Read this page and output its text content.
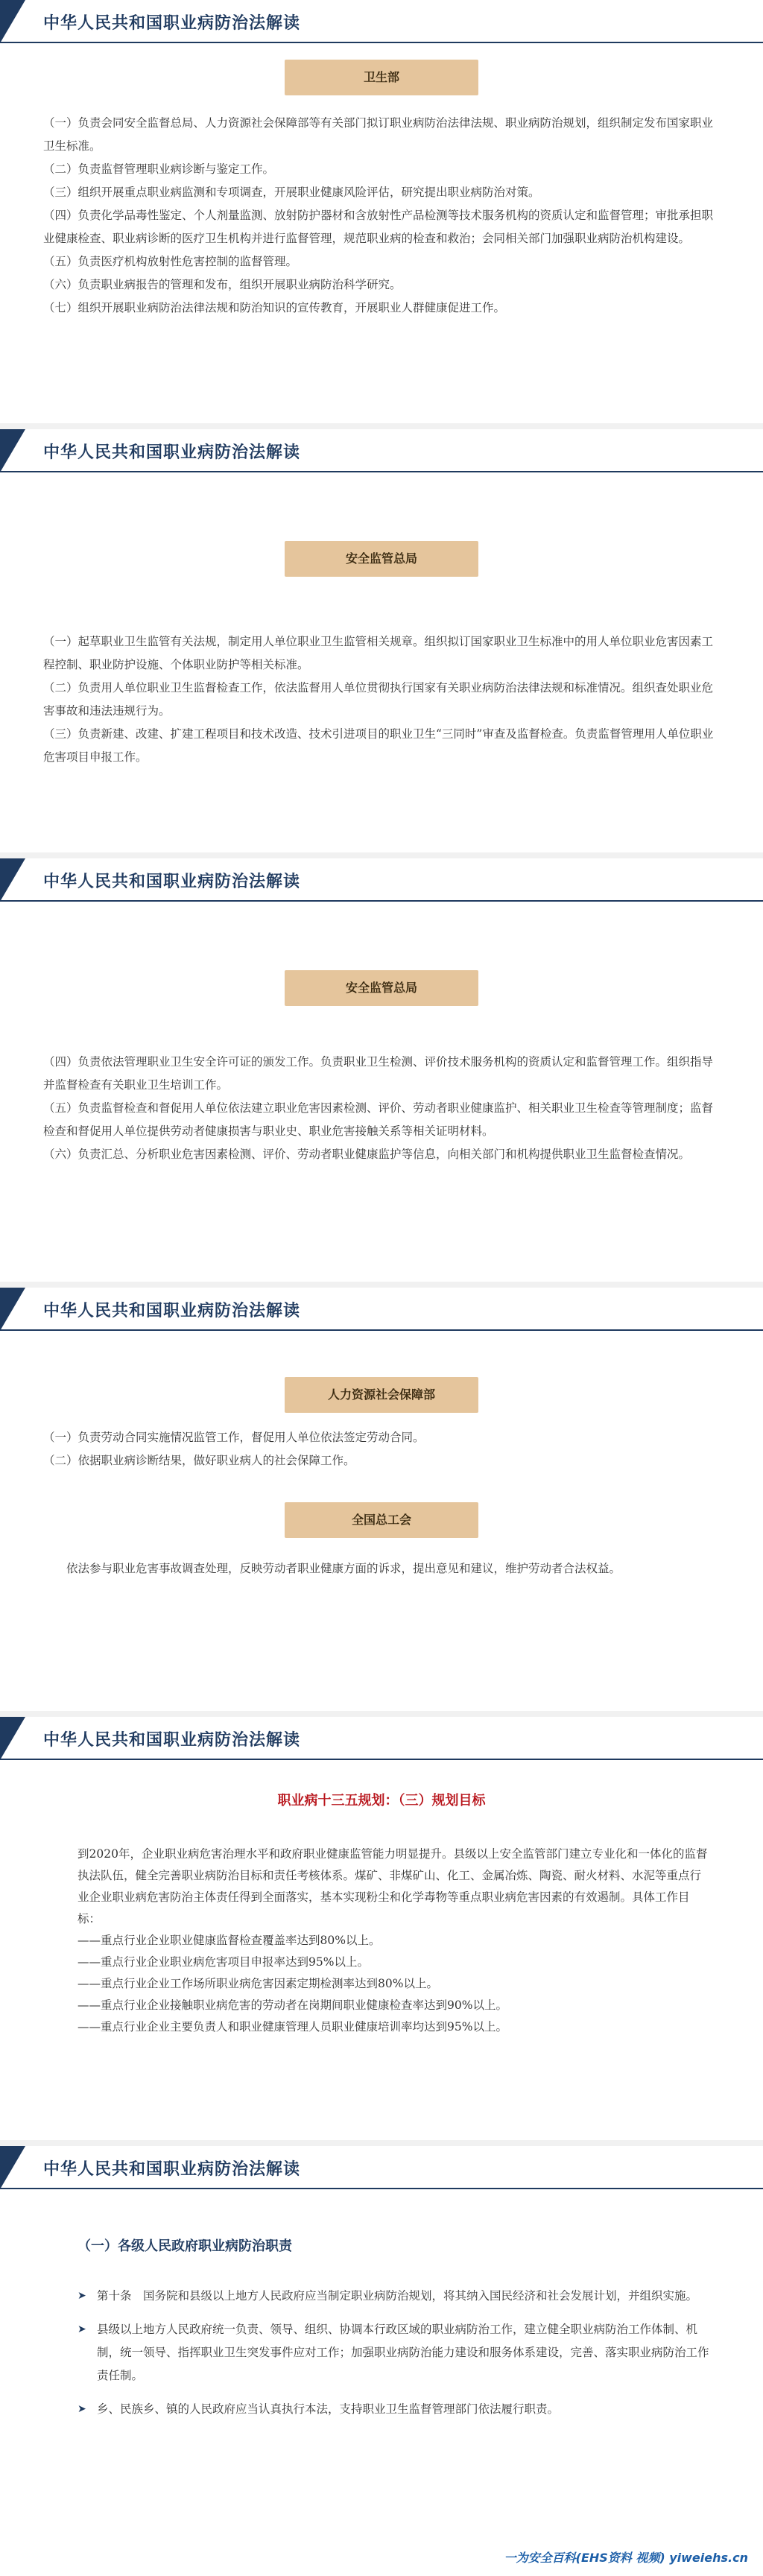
中华人民共和国职业病防治法解读
卫生部

（一）负责会同安全监督总局、人力资源社会保障部等有关部门拟订职业病防治法律法规、职业病防治规划，组织制定发布国家职业卫生标准。

（二）负责监督管理职业病诊断与鉴定工作。

（三）组织开展重点职业病监测和专项调查，开展职业健康风险评估，研究提出职业病防治对策。

（四）负责化学品毒性鉴定、个人剂量监测、放射防护器材和含放射性产品检测等技术服务机构的资质认定和监督管理；审批承担职业健康检查、职业病诊断的医疗卫生机构并进行监督管理，规范职业病的检查和救治；会同相关部门加强职业病防治机构建设。

（五）负责医疗机构放射性危害控制的监督管理。

（六）负责职业病报告的管理和发布，组织开展职业病防治科学研究。

（七）组织开展职业病防治法律法规和防治知识的宣传教育，开展职业人群健康促进工作。

中华人民共和国职业病防治法解读
安全监管总局

（一）起草职业卫生监管有关法规，制定用人单位职业卫生监管相关规章。组织拟订国家职业卫生标准中的用人单位职业危害因素工程控制、职业防护设施、个体职业防护等相关标准。

（二）负责用人单位职业卫生监督检查工作，依法监督用人单位贯彻执行国家有关职业病防治法律法规和标准情况。组织查处职业危害事故和违法违规行为。

（三）负责新建、改建、扩建工程项目和技术改造、技术引进项目的职业卫生“三同时”审查及监督检查。负责监督管理用人单位职业危害项目申报工作。

中华人民共和国职业病防治法解读
安全监管总局

（四）负责依法管理职业卫生安全许可证的颁发工作。负责职业卫生检测、评价技术服务机构的资质认定和监督管理工作。组织指导并监督检查有关职业卫生培训工作。

（五）负责监督检查和督促用人单位依法建立职业危害因素检测、评价、劳动者职业健康监护、相关职业卫生检查等管理制度；监督检查和督促用人单位提供劳动者健康损害与职业史、职业危害接触关系等相关证明材料。

（六）负责汇总、分析职业危害因素检测、评价、劳动者职业健康监护等信息，向相关部门和机构提供职业卫生监督检查情况。

中华人民共和国职业病防治法解读
人力资源社会保障部

（一）负责劳动合同实施情况监管工作，督促用人单位依法签定劳动合同。

（二）依据职业病诊断结果，做好职业病人的社会保障工作。

全国总工会

依法参与职业危害事故调查处理，反映劳动者职业健康方面的诉求，提出意见和建议，维护劳动者合法权益。

中华人民共和国职业病防治法解读
职业病十三五规划：（三）规划目标

到2020年，企业职业病危害治理水平和政府职业健康监管能力明显提升。县级以上安全监管部门建立专业化和一体化的监督执法队伍，健全完善职业病防治目标和责任考核体系。煤矿、非煤矿山、化工、金属冶炼、陶瓷、耐火材料、水泥等重点行业企业职业病危害防治主体责任得到全面落实，基本实现粉尘和化学毒物等重点职业病危害因素的有效遏制。具体工作目标：

——重点行业企业职业健康监督检查覆盖率达到80%以上。

——重点行业企业职业病危害项目申报率达到95%以上。

——重点行业企业工作场所职业病危害因素定期检测率达到80%以上。

——重点行业企业接触职业病危害的劳动者在岗期间职业健康检查率达到90%以上。

——重点行业企业主要负责人和职业健康管理人员职业健康培训率均达到95%以上。

中华人民共和国职业病防治法解读
（一）各级人民政府职业病防治职责
➤ 第十条　国务院和县级以上地方人民政府应当制定职业病防治规划，将其纳入国民经济和社会发展计划，并组织实施。
➤ 县级以上地方人民政府统一负责、领导、组织、协调本行政区域的职业病防治工作，建立健全职业病防治工作体制、机制，统一领导、指挥职业卫生突发事件应对工作；加强职业病防治能力建设和服务体系建设，完善、落实职业病防治工作责任制。
➤ 乡、民族乡、镇的人民政府应当认真执行本法，支持职业卫生监督管理部门依法履行职责。
一为安全百科(EHS资料 视频) yiweiehs.cn
